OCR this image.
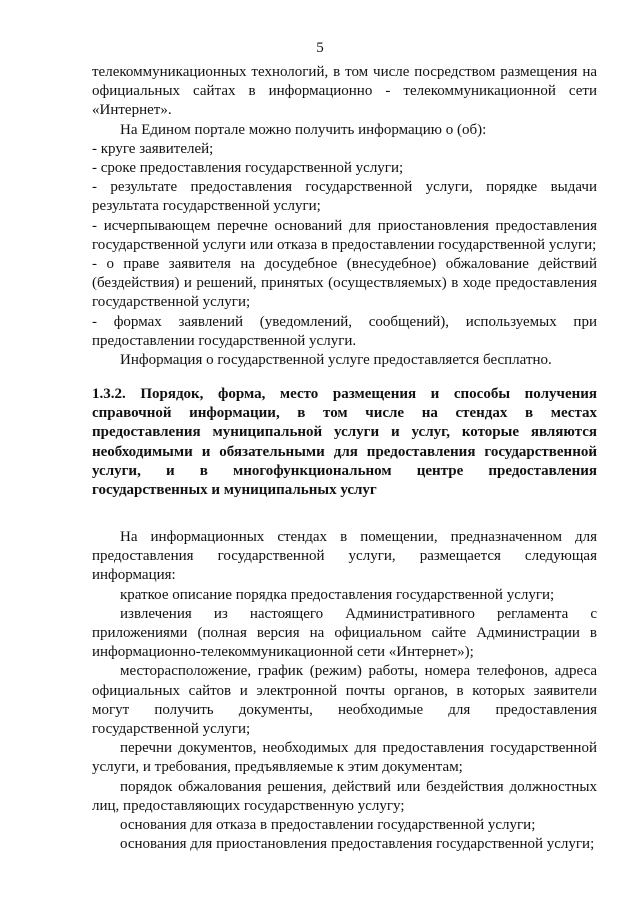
5

телекоммуникационных технологий, в том числе посредством размещения на официальных сайтах в информационно - телекоммуникационной сети «Интернет».

На Едином портале можно получить информацию о (об):

- круге заявителей;

- сроке предоставления государственной услуги;

- результате предоставления государственной услуги, порядке выдачи результата государственной услуги;

- исчерпывающем перечне оснований для приостановления предоставления государственной услуги или отказа в предоставлении государственной услуги;

- о праве заявителя на досудебное (внесудебное) обжалование действий (бездействия) и решений, принятых (осуществляемых) в ходе предоставления государственной услуги;

- формах заявлений (уведомлений, сообщений), используемых при предоставлении государственной услуги.

Информация о государственной услуге предоставляется бесплатно.

1.3.2. Порядок, форма, место размещения и способы получения справочной информации, в том числе на стендах в местах предоставления муниципальной услуги и услуг, которые являются необходимыми и обязательными для предоставления государственной услуги, и в многофункциональном центре предоставления государственных и муниципальных услуг

На информационных стендах в помещении, предназначенном для предоставления государственной услуги, размещается следующая информация:

краткое описание порядка предоставления государственной услуги;

извлечения из настоящего Административного регламента с приложениями (полная версия на официальном сайте Администрации в информационно-телекоммуникационной сети «Интернет»);

месторасположение, график (режим) работы, номера телефонов, адреса официальных сайтов и электронной почты органов, в которых заявители могут получить документы, необходимые для предоставления государственной услуги;

перечни документов, необходимых для предоставления государственной услуги, и требования, предъявляемые к этим документам;

порядок обжалования решения, действий или бездействия должностных лиц, предоставляющих государственную услугу;

основания для отказа в предоставлении государственной услуги;

основания для приостановления предоставления государственной услуги;
